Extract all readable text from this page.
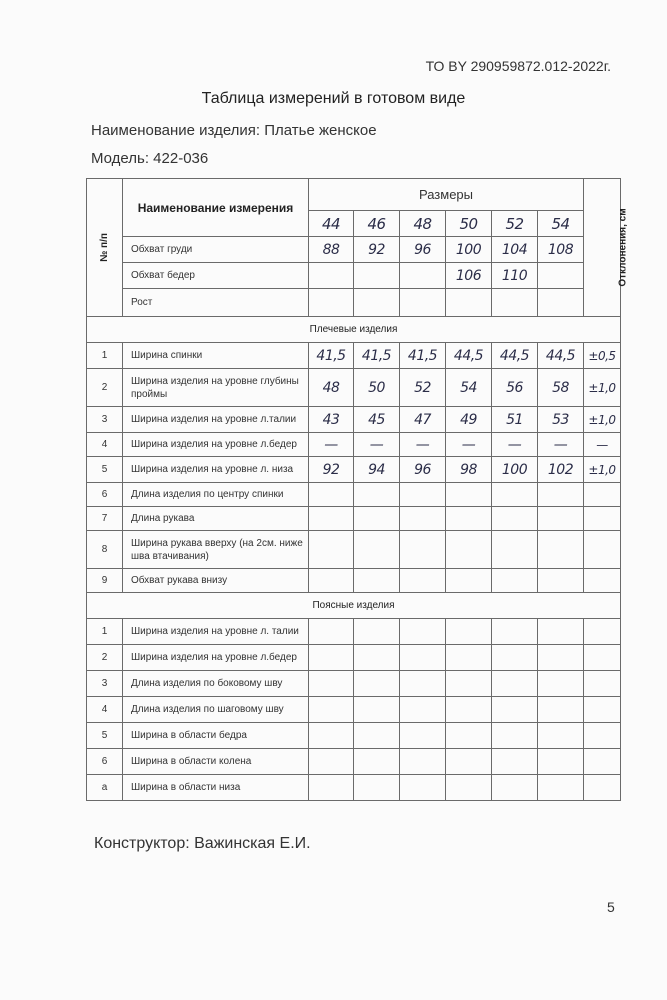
ТО BY 290959872.012-2022г.
Таблица измерений в готовом виде
Наименование изделия: Платье женское
Модель: 422-036
№ п/п	Наименование измерения	Размеры						Отклонения, см
		44	46	48	50	52	54	
	Обхват груди	88	92	96	100	104	108	
	Обхват бедер				106	110		
	Рост							
Плечевые изделия								
1	Ширина спинки	41,5	41,5	41,5	44,5	44,5	44,5	±0,5
2	Ширина изделия на уровне глубины проймы	48	50	52	54	56	58	±1,0
3	Ширина изделия на уровне л.талии	43	45	47	49	51	53	±1,0
4	Ширина изделия на уровне л.бедер	—	—	—	—	—	—	—
5	Ширина изделия на уровне л. низа	92	94	96	98	100	102	±1,0
6	Длина изделия по центру спинки							
7	Длина рукава							
8	Ширина рукава вверху (на 2см. ниже шва втачивания)							
9	Обхват рукава внизу							
Поясные изделия								
1	Ширина изделия на уровне л. талии							
2	Ширина изделия на уровне л.бедер							
3	Длина изделия по боковому шву							
4	Длина изделия по шаговому шву							
5	Ширина в области бедра							
6	Ширина в области колена							
а	Ширина в области низа							
Конструктор: Важинская Е.И.
5
